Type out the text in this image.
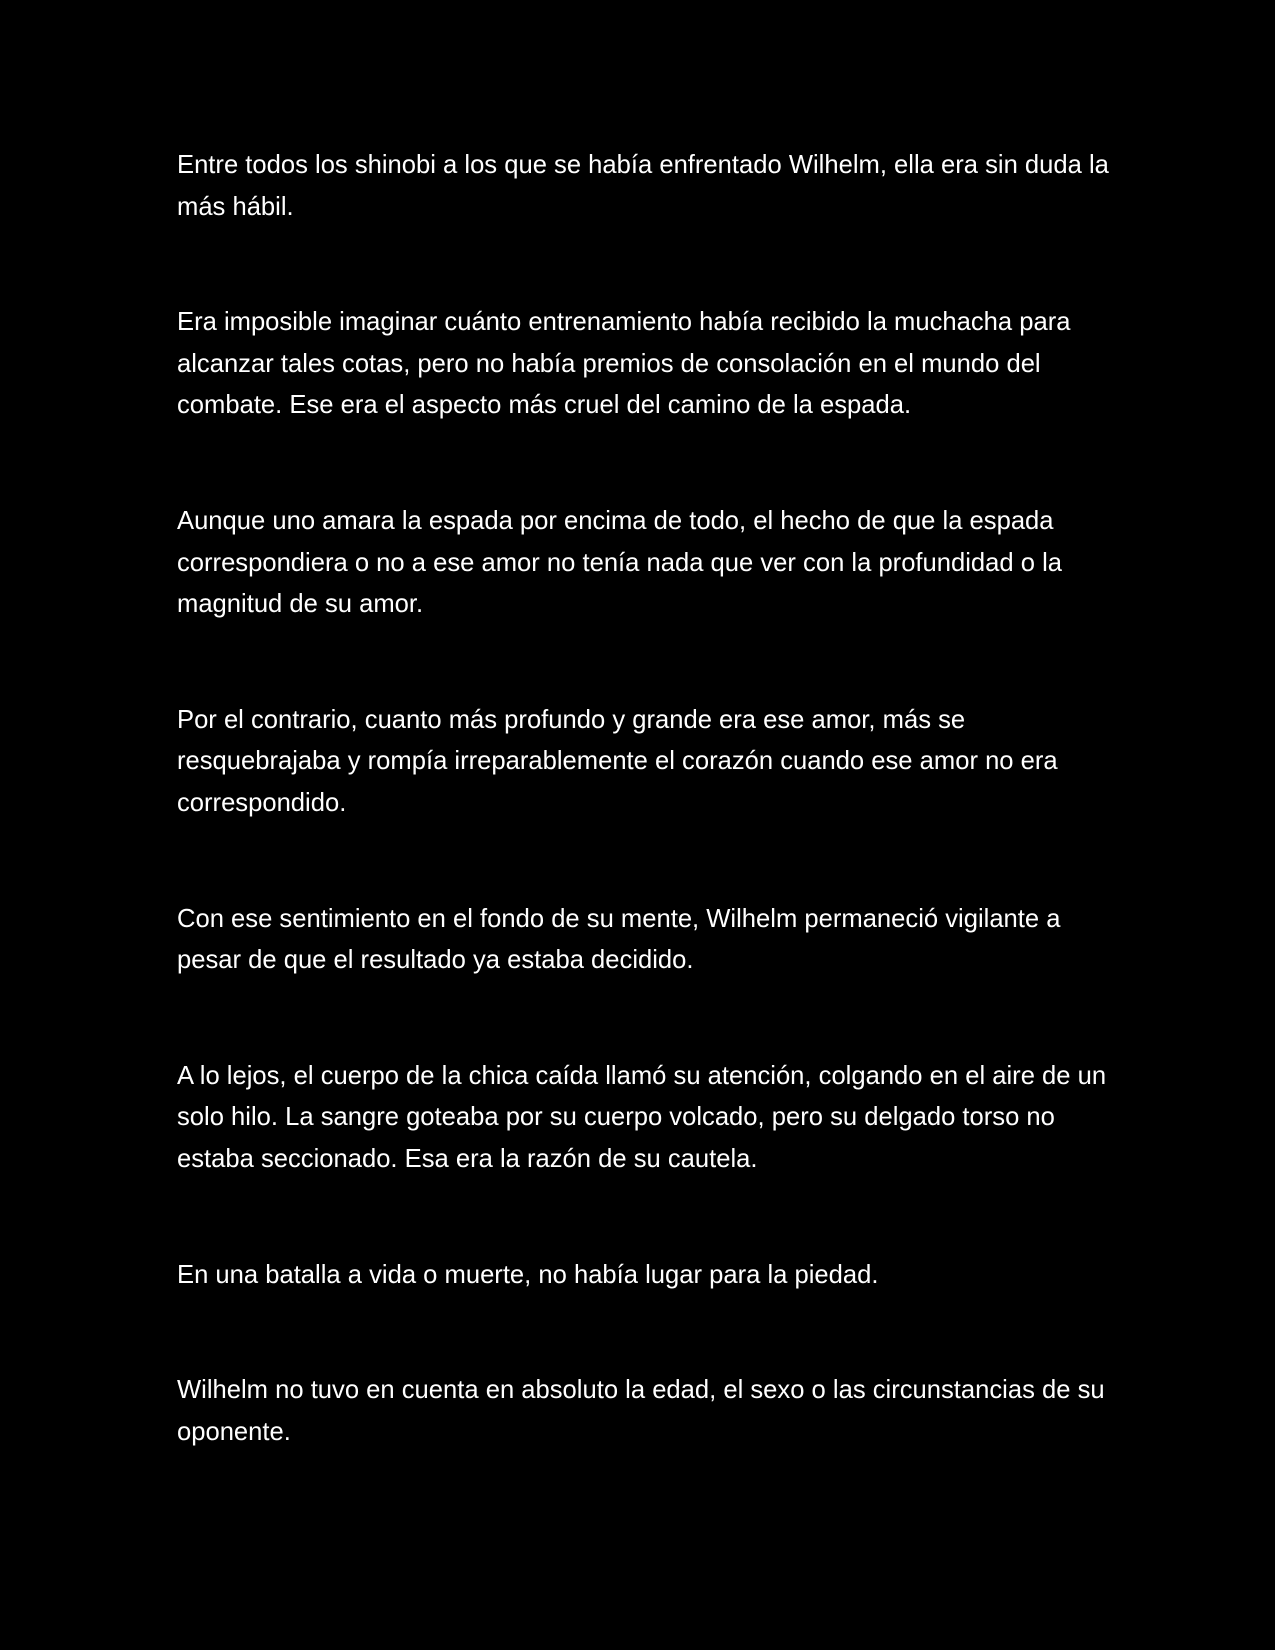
Entre todos los shinobi a los que se había enfrentado Wilhelm, ella era sin duda la más hábil.

Era imposible imaginar cuánto entrenamiento había recibido la muchacha para alcanzar tales cotas, pero no había premios de consolación en el mundo del combate. Ese era el aspecto más cruel del camino de la espada.

Aunque uno amara la espada por encima de todo, el hecho de que la espada correspondiera o no a ese amor no tenía nada que ver con la profundidad o la magnitud de su amor.

Por el contrario, cuanto más profundo y grande era ese amor, más se resquebrajaba y rompía irreparablemente el corazón cuando ese amor no era correspondido.

Con ese sentimiento en el fondo de su mente, Wilhelm permaneció vigilante a pesar de que el resultado ya estaba decidido.

A lo lejos, el cuerpo de la chica caída llamó su atención, colgando en el aire de un solo hilo. La sangre goteaba por su cuerpo volcado, pero su delgado torso no estaba seccionado. Esa era la razón de su cautela.

En una batalla a vida o muerte, no había lugar para la piedad.

Wilhelm no tuvo en cuenta en absoluto la edad, el sexo o las circunstancias de su oponente.
